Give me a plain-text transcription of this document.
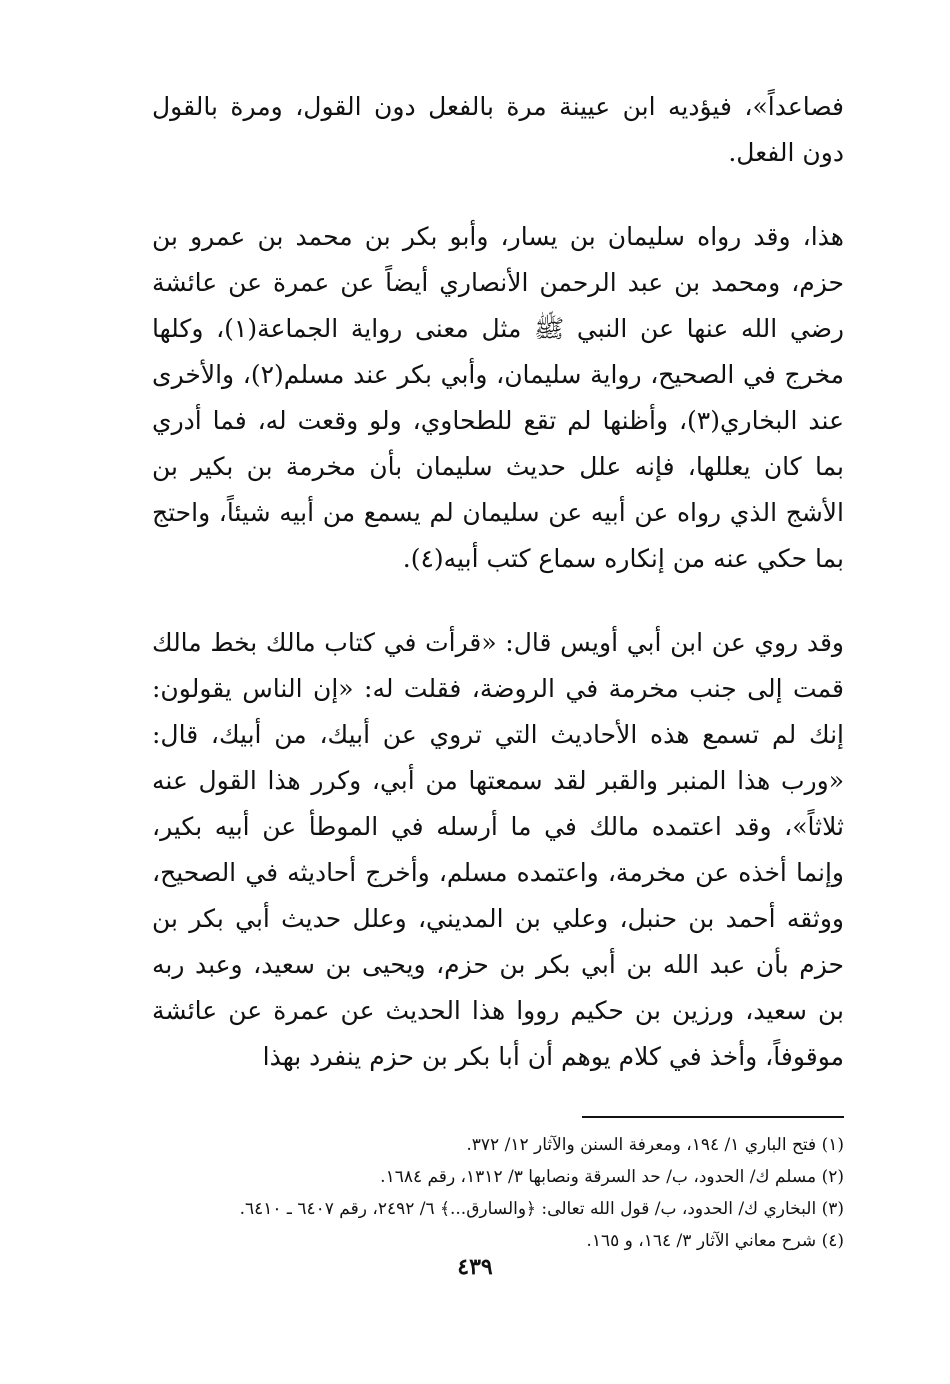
فصاعداً»، فيؤديه ابن عيينة مرة بالفعل دون القول، ومرة بالقول دون الفعل.

هذا، وقد رواه سليمان بن يسار، وأبو بكر بن محمد بن عمرو بن حزم، ومحمد بن عبد الرحمن الأنصاري أيضاً عن عمرة عن عائشة رضي الله عنها عن النبي ﷺ مثل معنى رواية الجماعة(١)، وكلها مخرج في الصحيح، رواية سليمان، وأبي بكر عند مسلم(٢)، والأخرى عند البخاري(٣)، وأظنها لم تقع للطحاوي، ولو وقعت له، فما أدري بما كان يعللها، فإنه علل حديث سليمان بأن مخرمة بن بكير بن الأشج الذي رواه عن أبيه عن سليمان لم يسمع من أبيه شيئاً، واحتج بما حكي عنه من إنكاره سماع كتب أبيه(٤).

وقد روي عن ابن أبي أويس قال: «قرأت في كتاب مالك بخط مالك قمت إلى جنب مخرمة في الروضة، فقلت له: «إن الناس يقولون: إنك لم تسمع هذه الأحاديث التي تروي عن أبيك، من أبيك، قال: «ورب هذا المنبر والقبر لقد سمعتها من أبي، وكرر هذا القول عنه ثلاثاً»، وقد اعتمده مالك في ما أرسله في الموطأ عن أبيه بكير، وإنما أخذه عن مخرمة، واعتمده مسلم، وأخرج أحاديثه في الصحيح، ووثقه أحمد بن حنبل، وعلي بن المديني، وعلل حديث أبي بكر بن حزم بأن عبد الله بن أبي بكر بن حزم، ويحيى بن سعيد، وعبد ربه بن سعيد، ورزين بن حكيم رووا هذا الحديث عن عمرة عن عائشة موقوفاً، وأخذ في كلام يوهم أن أبا بكر بن حزم ينفرد بهذا

(١) فتح الباري ١/ ١٩٤، ومعرفة السنن والآثار ١٢/ ٣٧٢.

(٢) مسلم ك/ الحدود، ب/ حد السرقة ونصابها ٣/ ١٣١٢، رقم ١٦٨٤.

(٣) البخاري ك/ الحدود، ب/ قول الله تعالى: ﴿والسارق...﴾ ٦/ ٢٤٩٢، رقم ٦٤٠٧ ـ ٦٤١٠.

(٤) شرح معاني الآثار ٣/ ١٦٤، و ١٦٥.

٤٣٩
